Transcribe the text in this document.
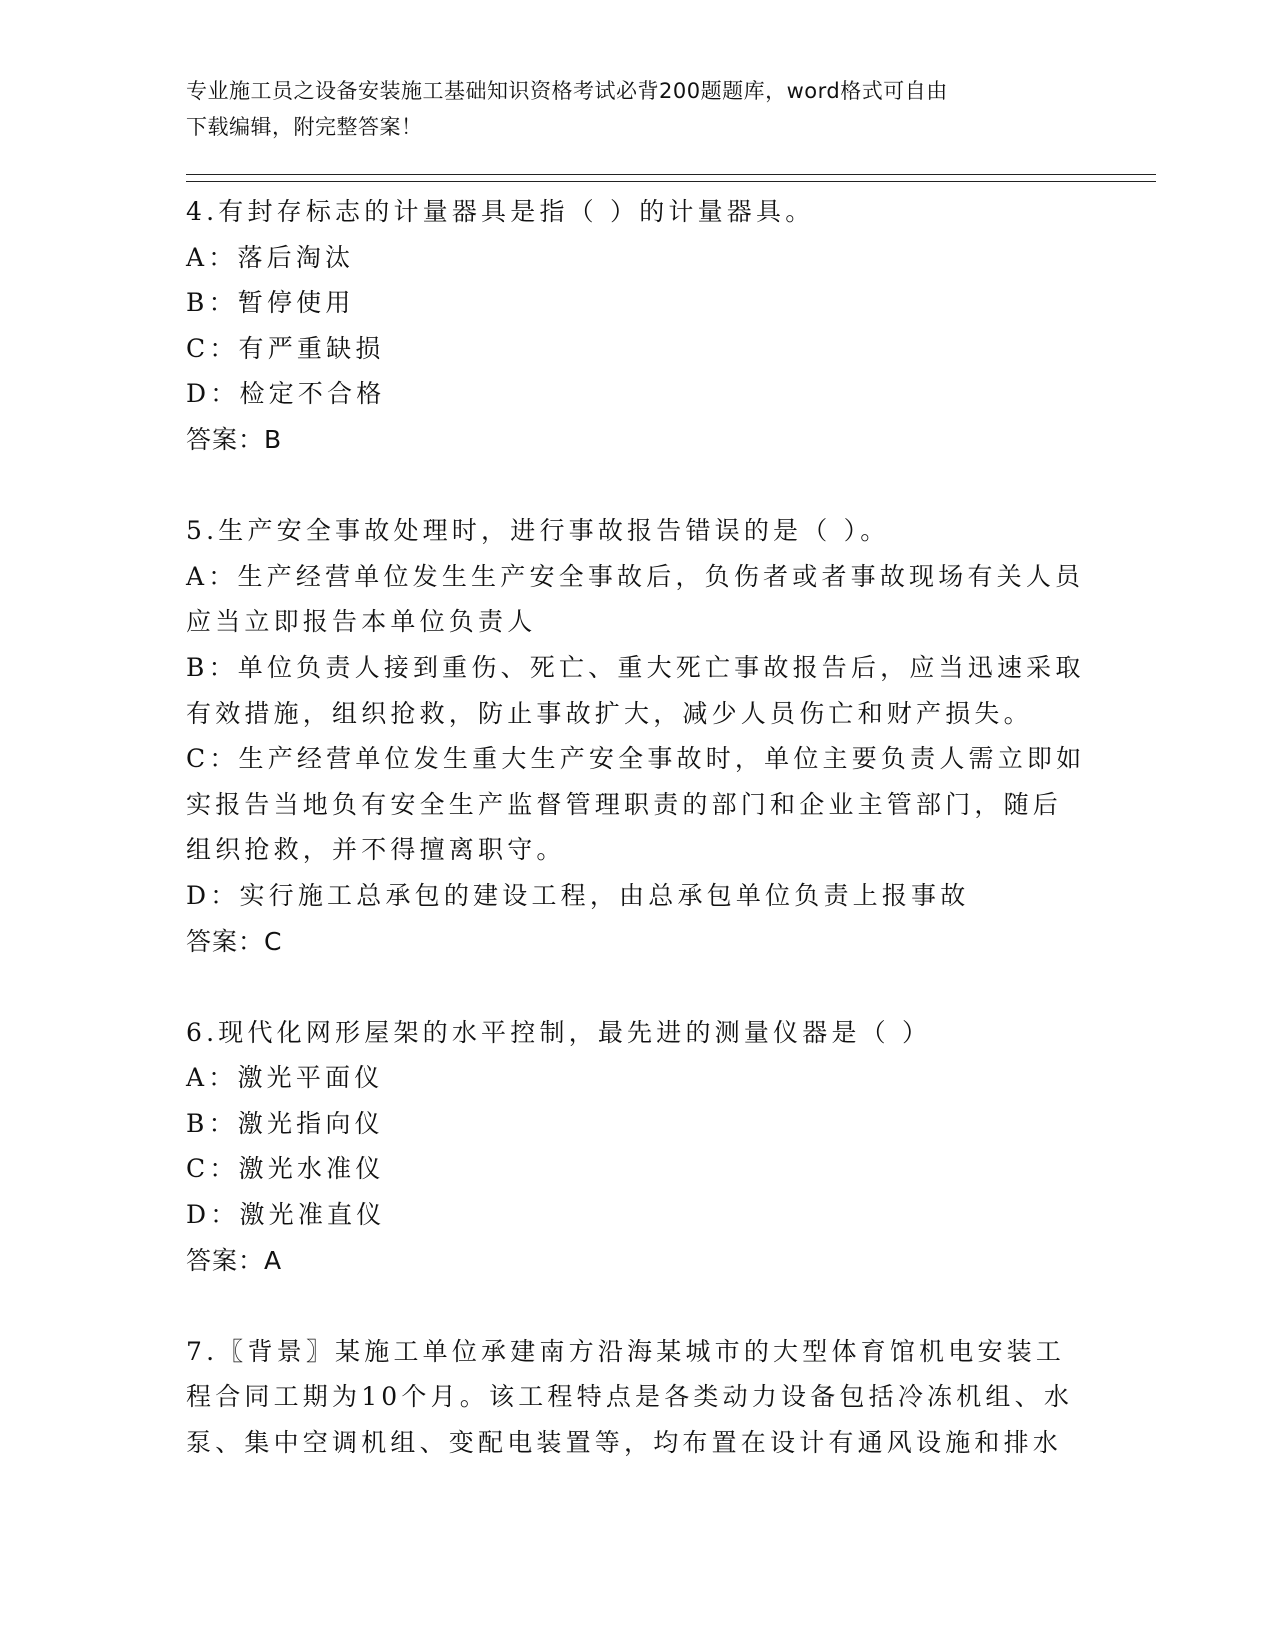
专业施工员之设备安装施工基础知识资格考试必背200题题库，word格式可自由
下载编辑，附完整答案！
4.有封存标志的计量器具是指（ ）的计量器具。
A：落后淘汰
B：暂停使用
C：有严重缺损
D：检定不合格
答案：B
5.生产安全事故处理时，进行事故报告错误的是（ ）。
A：生产经营单位发生生产安全事故后，负伤者或者事故现场有关人员
应当立即报告本单位负责人
B：单位负责人接到重伤、死亡、重大死亡事故报告后，应当迅速采取
有效措施，组织抢救，防止事故扩大，减少人员伤亡和财产损失。
C：生产经营单位发生重大生产安全事故时，单位主要负责人需立即如
实报告当地负有安全生产监督管理职责的部门和企业主管部门，随后
组织抢救，并不得擅离职守。
D：实行施工总承包的建设工程，由总承包单位负责上报事故
答案：C
6.现代化网形屋架的水平控制，最先进的测量仪器是（ ）
A：激光平面仪
B：激光指向仪
C：激光水准仪
D：激光准直仪
答案：A
7.〖背景〗某施工单位承建南方沿海某城市的大型体育馆机电安装工
程合同工期为10个月。该工程特点是各类动力设备包括冷冻机组、水
泵、集中空调机组、变配电装置等，均布置在设计有通风设施和排水
